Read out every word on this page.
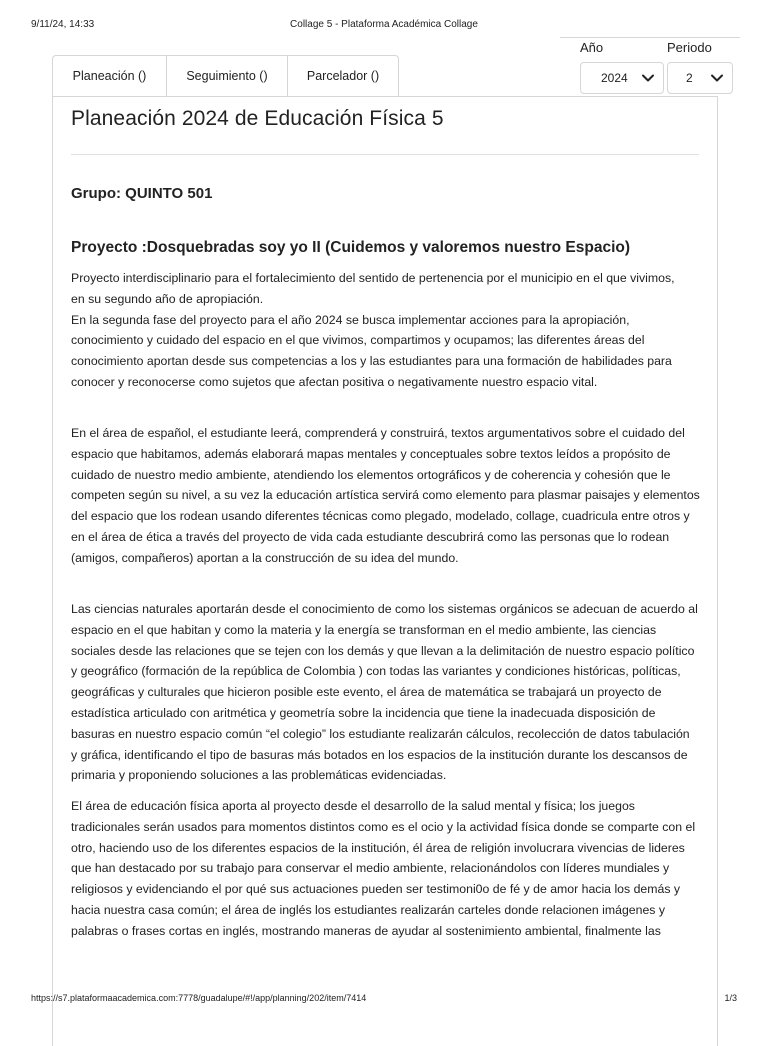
9/11/24, 14:33	Collage 5 - Plataforma Académica Collage
Planeación ()	Seguimiento ()	Parcelador ()
Año	Periodo
2024	2
Planeación 2024 de Educación Física 5
Grupo: QUINTO 501
Proyecto :Dosquebradas soy yo II (Cuidemos y valoremos nuestro Espacio)

Proyecto interdisciplinario para el fortalecimiento del sentido de pertenencia por el municipio en el que vivimos,
en su segundo año de apropiación.
En la segunda fase del proyecto para el año 2024 se busca implementar acciones para la apropiación,
conocimiento y cuidado del espacio en el que vivimos, compartimos y ocupamos; las diferentes áreas del
conocimiento aportan desde sus competencias a los y las estudiantes para una formación de habilidades para
conocer y reconocerse como sujetos que afectan positiva o negativamente nuestro espacio vital.

En el área de español, el estudiante leerá, comprenderá y construirá, textos argumentativos sobre el cuidado del
espacio que habitamos, además elaborará mapas mentales y conceptuales sobre textos leídos a propósito de
cuidado de nuestro medio ambiente, atendiendo los elementos ortográficos y de coherencia y cohesión que le
competen según su nivel, a su vez la educación artística servirá como elemento para plasmar paisajes y elementos
del espacio que los rodean usando diferentes técnicas como plegado, modelado, collage, cuadricula entre otros y
en el área de ética a través del proyecto de vida cada estudiante descubrirá como las personas que lo rodean
(amigos, compañeros) aportan a la construcción de su idea del mundo.

Las ciencias naturales aportarán desde el conocimiento de como los sistemas orgánicos se adecuan de acuerdo al
espacio en el que habitan y como la materia y la energía se transforman en el medio ambiente, las ciencias
sociales desde las relaciones que se tejen con los demás y que llevan a la delimitación de nuestro espacio político
y geográfico (formación de la república de Colombia ) con todas las variantes y condiciones históricas, políticas,
geográficas y culturales que hicieron posible este evento, el área de matemática se trabajará un proyecto de
estadística articulado con aritmética y geometría sobre la incidencia que tiene la inadecuada disposición de
basuras en nuestro espacio común “el colegio” los estudiante realizarán cálculos, recolección de datos tabulación
y gráfica, identificando el tipo de basuras más botados en los espacios de la institución durante los descansos de
primaria y proponiendo soluciones a las problemáticas evidenciadas.

El área de educación física aporta al proyecto desde el desarrollo de la salud mental y física; los juegos
tradicionales serán usados para momentos distintos como es el ocio y la actividad física donde se comparte con el
otro, haciendo uso de los diferentes espacios de la institución, él área de religión involucrara vivencias de lideres
que han destacado por su trabajo para conservar el medio ambiente, relacionándolos con líderes mundiales y
religiosos y evidenciando el por qué sus actuaciones pueden ser testimoni0o de fé y de amor hacia los demás y
hacia nuestra casa común; el área de inglés los estudiantes realizarán carteles donde relacionen imágenes y
palabras o frases cortas en inglés, mostrando maneras de ayudar al sostenimiento ambiental, finalmente las

https://s7.plataformaacademica.com:7778/guadalupe/#!/app/planning/202/item/7414	1/3
